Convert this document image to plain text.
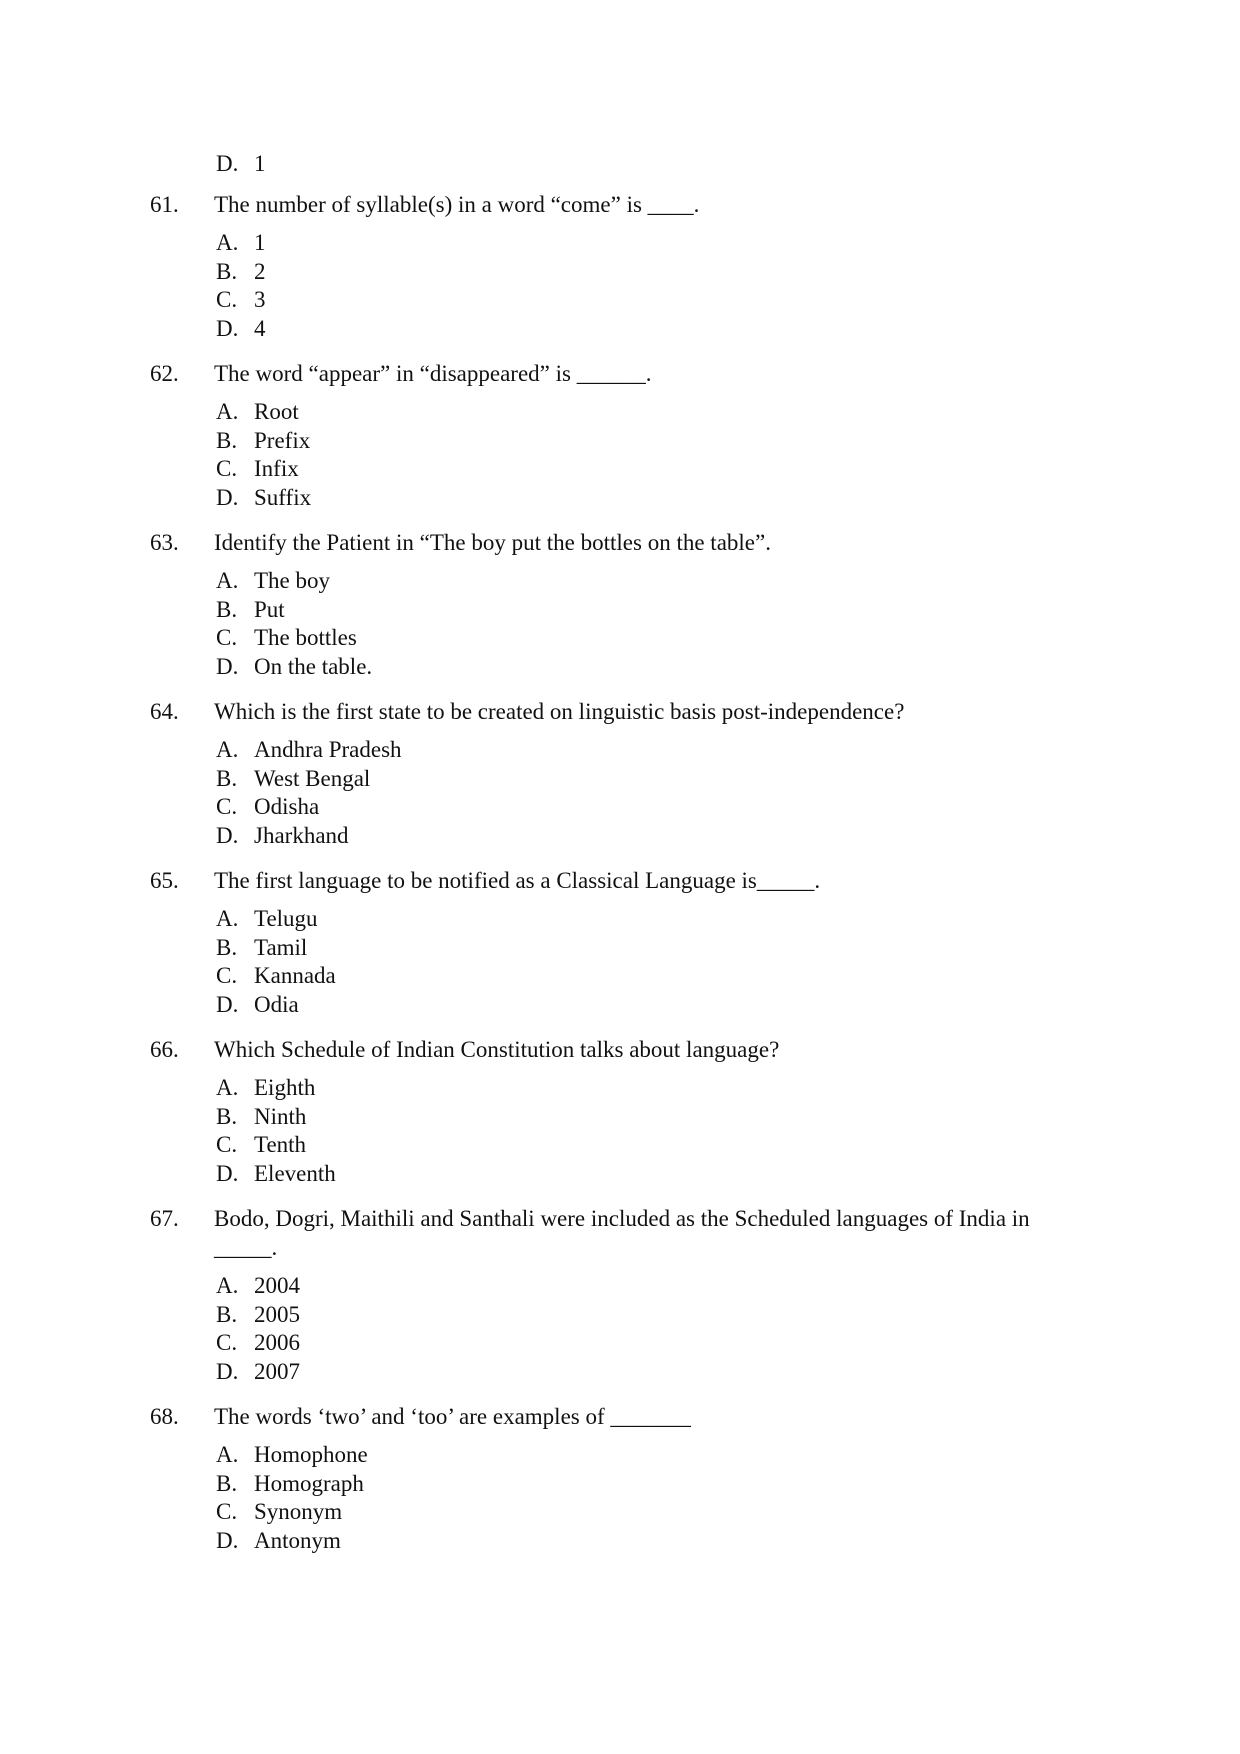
D. 1
61.	The number of syllable(s) in a word “come” is ____.
A. 1
B. 2
C. 3
D. 4
62.	The word “appear” in “disappeared” is ______.
A. Root
B. Prefix
C. Infix
D. Suffix
63.	Identify the Patient in “The boy put the bottles on the table”.
A. The boy
B. Put
C. The bottles
D. On the table.
64.	Which is the first state to be created on linguistic basis post-independence?
A. Andhra Pradesh
B. West Bengal
C. Odisha
D. Jharkhand
65.	The first language to be notified as a Classical Language is_____.
A. Telugu
B. Tamil
C. Kannada
D. Odia
66.	Which Schedule of Indian Constitution talks about language?
A. Eighth
B. Ninth
C. Tenth
D. Eleventh
67.	Bodo, Dogri, Maithili and Santhali were included as the Scheduled languages of India in _____.
A. 2004
B. 2005
C. 2006
D. 2007
68.	The words ‘two’ and ‘too’ are examples of _______
A. Homophone
B. Homograph
C. Synonym
D. Antonym
